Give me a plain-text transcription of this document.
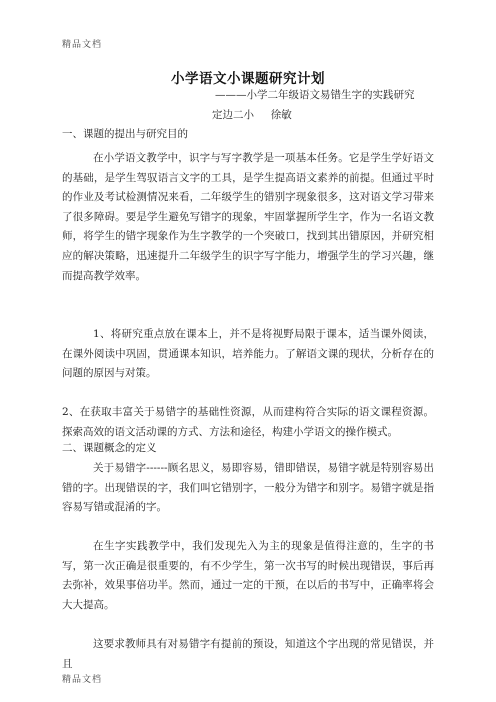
精品文档
小学语文小课题研究计划
———小学二年级语文易错生字的实践研究
定边二小     徐敏
一、课题的提出与研究目的
在小学语文教学中，识字与写字教学是一项基本任务。它是学生学好语文的基础，是学生驾驭语言文字的工具，是学生提高语文素养的前提。但通过平时的作业及考试检测情况来看，二年级学生的错别字现象很多，这对语文学习带来了很多障碍。要是学生避免写错字的现象，牢固掌握所学生字，作为一名语文教师，将学生的错字现象作为生字教学的一个突破口，找到其出错原因，并研究相应的解决策略，迅速提升二年级学生的识字写字能力，增强学生的学习兴趣，继而提高教学效率。
1、将研究重点放在课本上，并不是将视野局限于课本，适当课外阅读，在课外阅读中巩固，贯通课本知识，培养能力。了解语文课的现状，分析存在的问题的原因与对策。
2、在获取丰富关于易错字的基础性资源，从而建构符合实际的语文课程资源。探索高效的语文活动课的方式、方法和途径，构建小学语文的操作模式。
二、课题概念的定义
关于易错字------顾名思义，易即容易，错即错误，易错字就是特别容易出错的字。出现错误的字，我们叫它错别字，一般分为错字和别字。易错字就是指容易写错或混淆的字。
在生字实践教学中，我们发现先入为主的现象是值得注意的，生字的书写，第一次正确是很重要的，有不少学生，第一次书写的时候出现错误，事后再去弥补，效果事倍功半。然而，通过一定的干预，在以后的书写中，正确率将会大大提高。
这要求教师具有对易错字有提前的预设，知道这个字出现的常见错误，并且
精品文档
